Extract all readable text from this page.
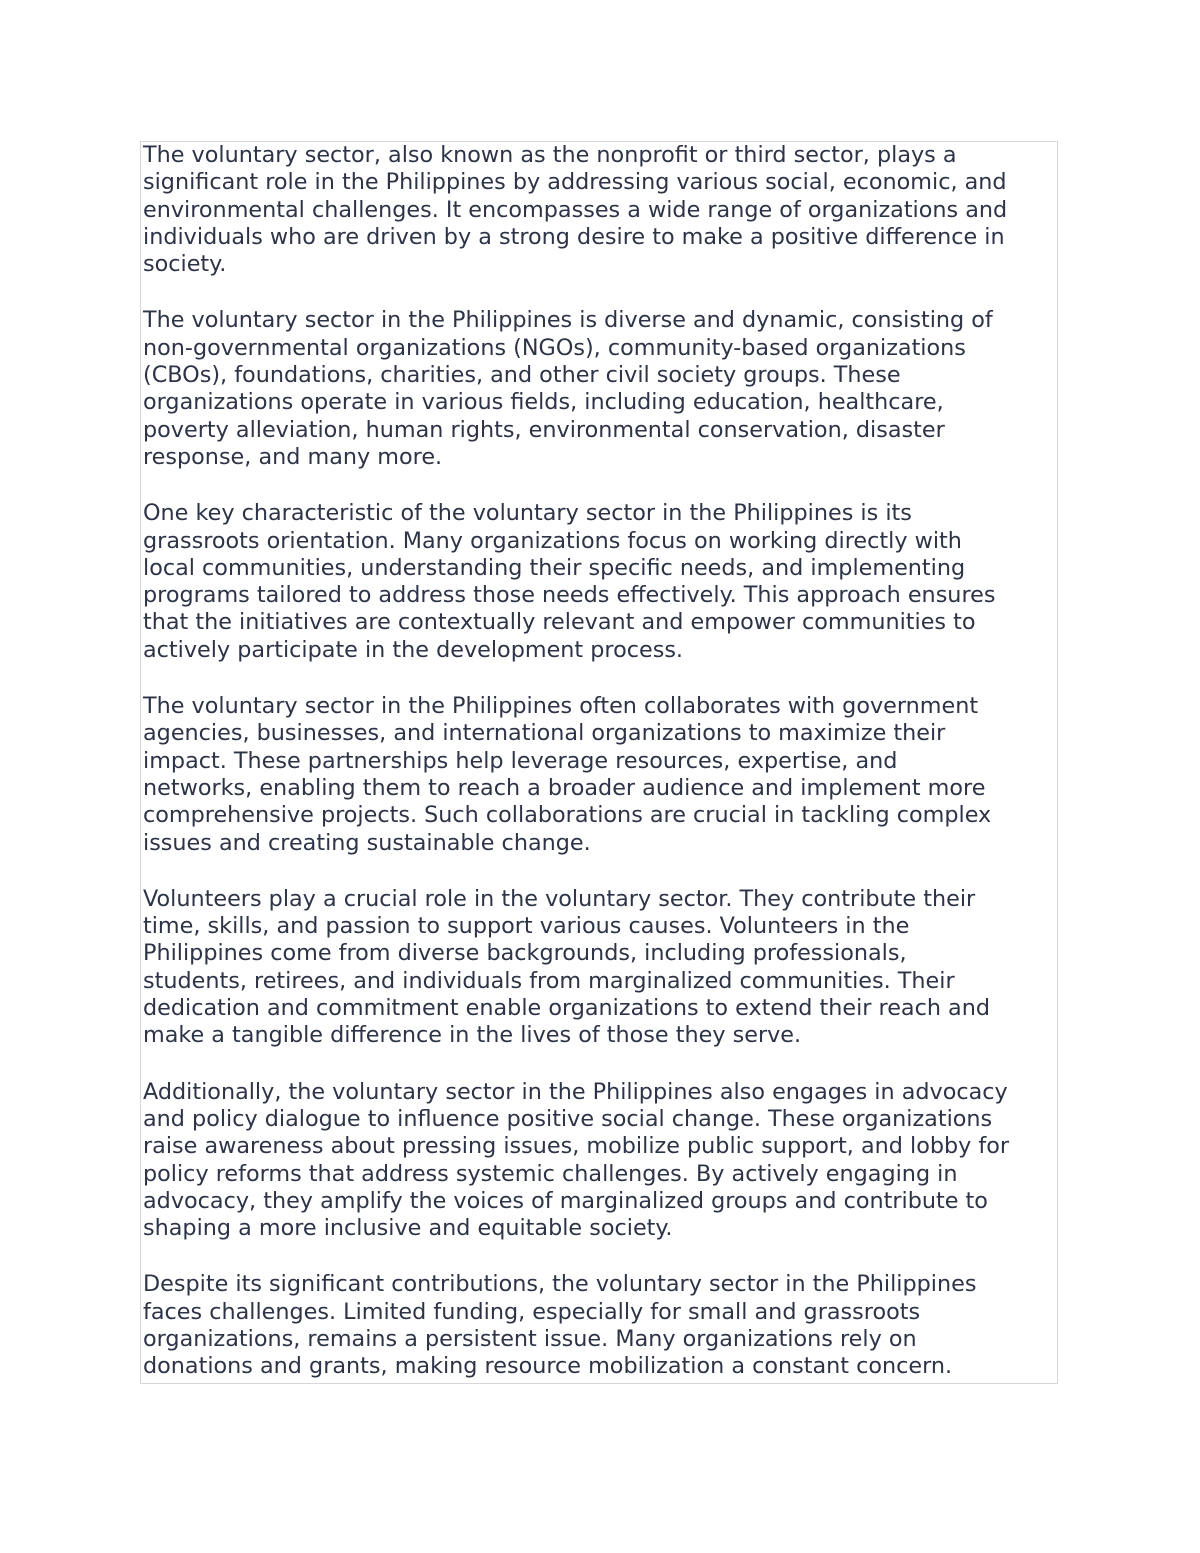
The voluntary sector, also known as the nonprofit or third sector, plays a
significant role in the Philippines by addressing various social, economic, and
environmental challenges. It encompasses a wide range of organizations and
individuals who are driven by a strong desire to make a positive difference in
society.

The voluntary sector in the Philippines is diverse and dynamic, consisting of
non-governmental organizations (NGOs), community-based organizations
(CBOs), foundations, charities, and other civil society groups. These
organizations operate in various fields, including education, healthcare,
poverty alleviation, human rights, environmental conservation, disaster
response, and many more.

One key characteristic of the voluntary sector in the Philippines is its
grassroots orientation. Many organizations focus on working directly with
local communities, understanding their specific needs, and implementing
programs tailored to address those needs effectively. This approach ensures
that the initiatives are contextually relevant and empower communities to
actively participate in the development process.

The voluntary sector in the Philippines often collaborates with government
agencies, businesses, and international organizations to maximize their
impact. These partnerships help leverage resources, expertise, and
networks, enabling them to reach a broader audience and implement more
comprehensive projects. Such collaborations are crucial in tackling complex
issues and creating sustainable change.

Volunteers play a crucial role in the voluntary sector. They contribute their
time, skills, and passion to support various causes. Volunteers in the
Philippines come from diverse backgrounds, including professionals,
students, retirees, and individuals from marginalized communities. Their
dedication and commitment enable organizations to extend their reach and
make a tangible difference in the lives of those they serve.

Additionally, the voluntary sector in the Philippines also engages in advocacy
and policy dialogue to influence positive social change. These organizations
raise awareness about pressing issues, mobilize public support, and lobby for
policy reforms that address systemic challenges. By actively engaging in
advocacy, they amplify the voices of marginalized groups and contribute to
shaping a more inclusive and equitable society.

Despite its significant contributions, the voluntary sector in the Philippines
faces challenges. Limited funding, especially for small and grassroots
organizations, remains a persistent issue. Many organizations rely on
donations and grants, making resource mobilization a constant concern.
